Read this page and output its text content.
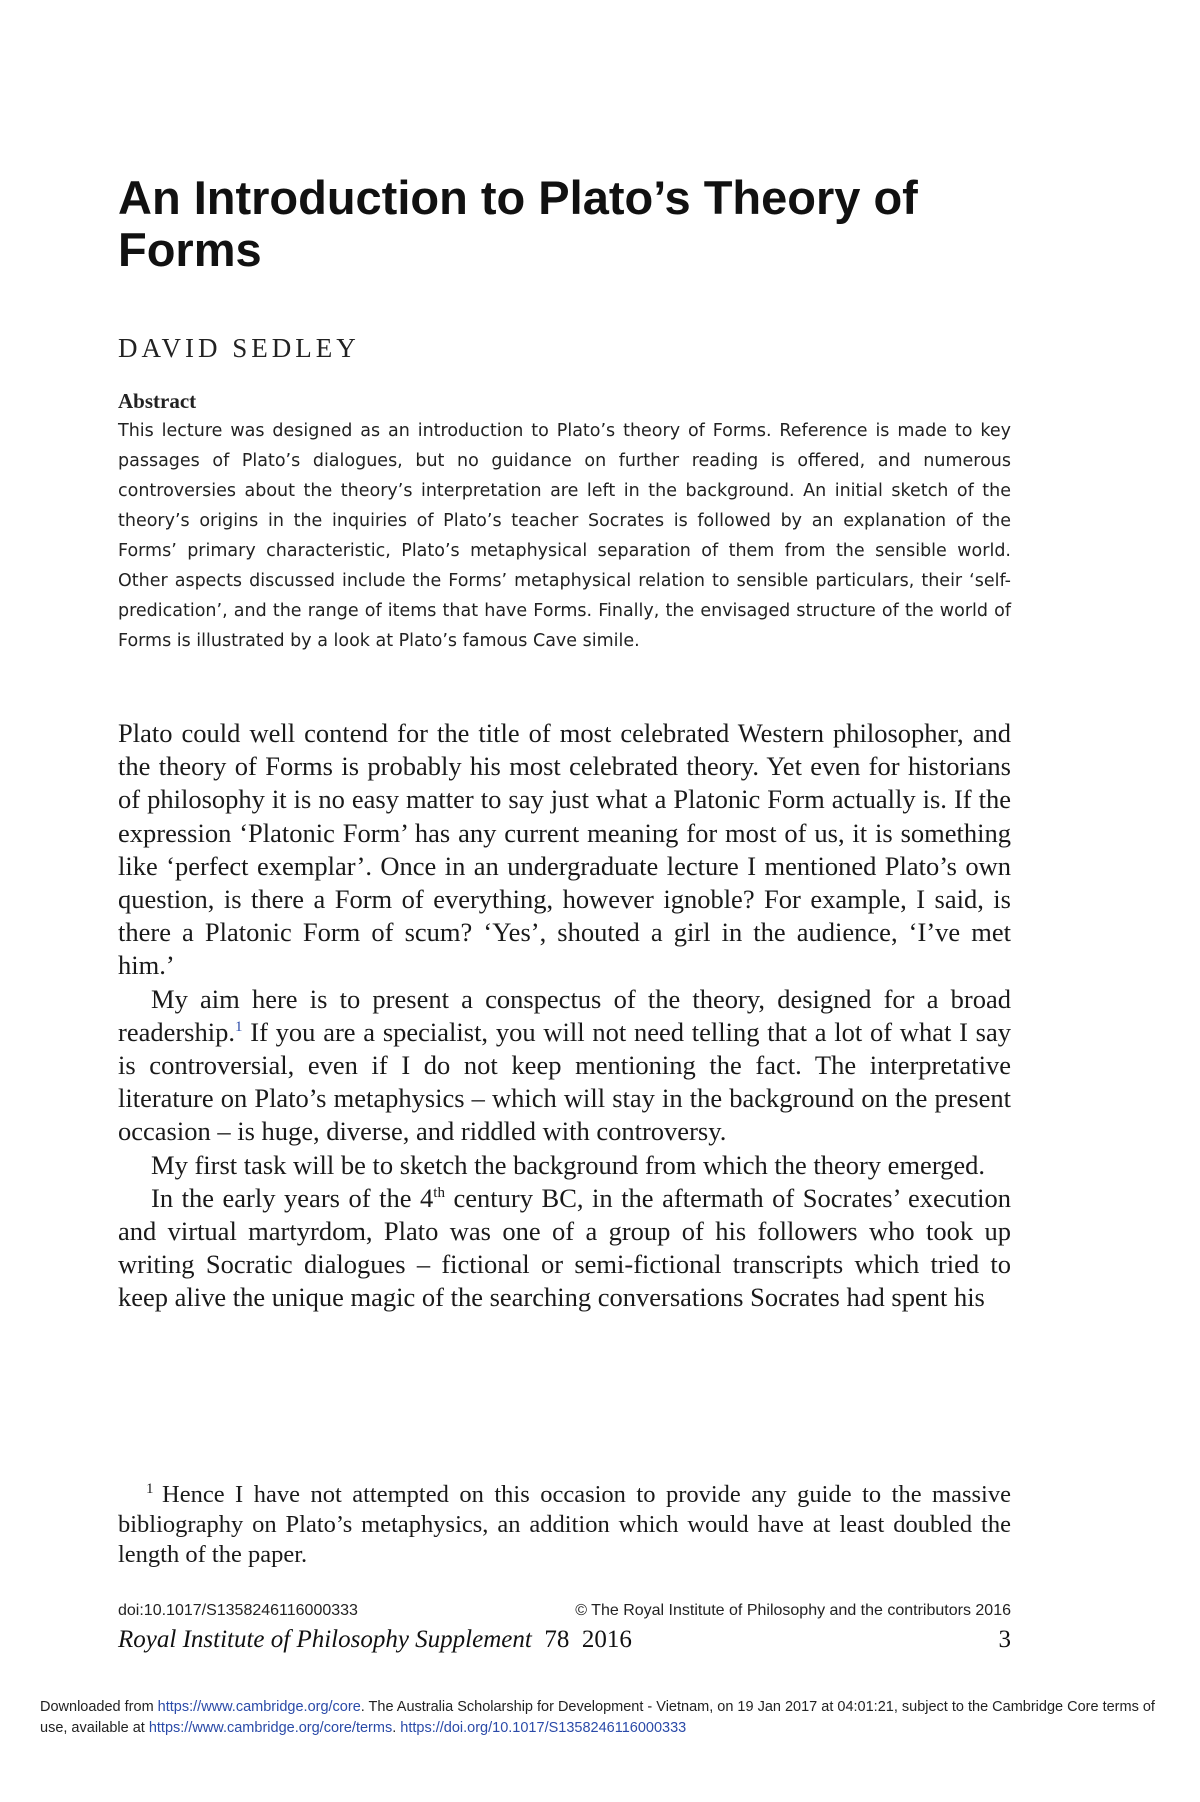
An Introduction to Plato’s Theory of Forms
DAVID SEDLEY
Abstract

This lecture was designed as an introduction to Plato’s theory of Forms. Reference is made to key passages of Plato’s dialogues, but no guidance on further reading is offered, and numerous controversies about the theory’s interpretation are left in the background. An initial sketch of the theory’s origins in the inquiries of Plato’s teacher Socrates is followed by an explanation of the Forms’ primary characteristic, Plato’s metaphysical separation of them from the sensible world. Other aspects discussed include the Forms’ metaphysical relation to sensible particulars, their ‘self-predication’, and the range of items that have Forms. Finally, the envisaged structure of the world of Forms is illustrated by a look at Plato’s famous Cave simile.

Plato could well contend for the title of most celebrated Western philosopher, and the theory of Forms is probably his most celebrated theory. Yet even for historians of philosophy it is no easy matter to say just what a Platonic Form actually is. If the expression ‘Platonic Form’ has any current meaning for most of us, it is something like ‘perfect exemplar’. Once in an undergraduate lecture I mentioned Plato’s own question, is there a Form of everything, however ignoble? For example, I said, is there a Platonic Form of scum? ‘Yes’, shouted a girl in the audience, ‘I’ve met him.’

My aim here is to present a conspectus of the theory, designed for a broad readership.$^1$ If you are a specialist, you will not need telling that a lot of what I say is controversial, even if I do not keep mentioning the fact. The interpretative literature on Plato’s metaphysics – which will stay in the background on the present occasion – is huge, diverse, and riddled with controversy.

My first task will be to sketch the background from which the theory emerged.

In the early years of the 4th century BC, in the aftermath of Socrates’ execution and virtual martyrdom, Plato was one of a group of his followers who took up writing Socratic dialogues – fictional or semi-fictional transcripts which tried to keep alive the unique magic of the searching conversations Socrates had spent his

1 Hence I have not attempted on this occasion to provide any guide to the massive bibliography on Plato’s metaphysics, an addition which would have at least doubled the length of the paper.

doi:10.1017/S1358246116000333	© The Royal Institute of Philosophy and the contributors 2016
Royal Institute of Philosophy Supplement 78 2016	3
Downloaded from https://www.cambridge.org/core. The Australia Scholarship for Development - Vietnam, on 19 Jan 2017 at 04:01:21, subject to the Cambridge Core terms of use, available at https://www.cambridge.org/core/terms. https://doi.org/10.1017/S1358246116000333
